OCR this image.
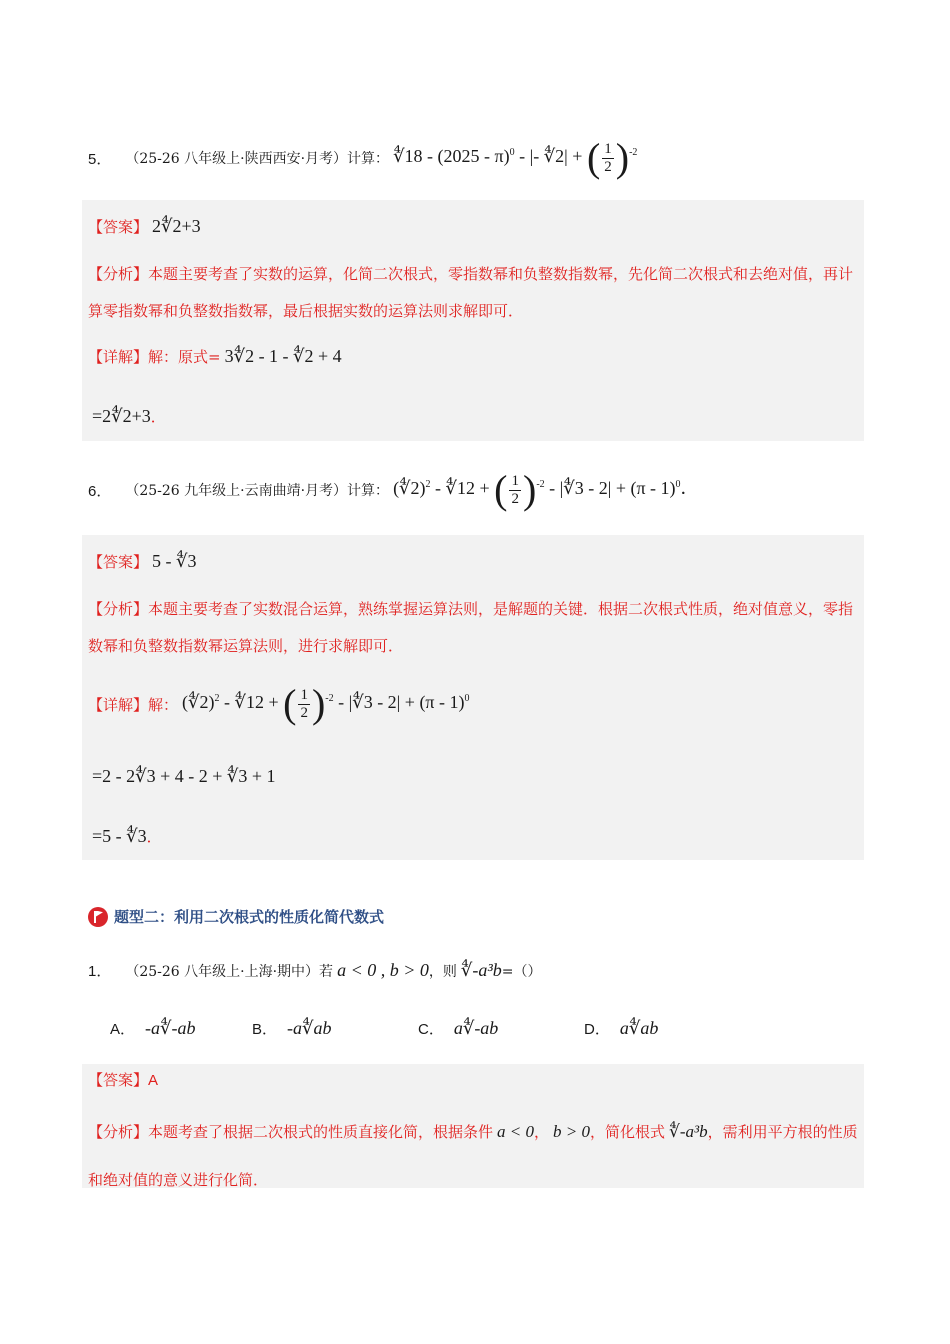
5． （25-26 八年级上·陕西西安·月考）计算： ∜18 - (2025 - π)$^0$ - |- ∜2| + ( $\frac{1}{2} )^{-2}$
【答案】 2∜2+3
【分析】本题主要考查了实数的运算，化简二次根式，零指数幂和负整数指数幂，先化简二次根式和去绝对值，再计算零指数幂和负整数指数幂，最后根据实数的运算法则求解即可．
【详解】解：原式= 3∜2 - 1 - ∜2 + 4
=2∜2+3．
6． （25-26 九年级上·云南曲靖·月考）计算： (∜2)$^2$ - ∜12 + ( $\frac{1}{2} )^{-2}$ - |∜3 - 2| + (π - 1)$^0$．
【答案】 5 - ∜3
【分析】本题主要考查了实数混合运算，熟练掌握运算法则，是解题的关键．根据二次根式性质，绝对值意义，零指数幂和负整数指数幂运算法则，进行求解即可．
【详解】 解： (∜2)$^2$ - ∜12 + ( $\frac{1}{2} )^{-2}$ - |∜3 - 2| + (π - 1)$^0$
=2 - 2∜3 + 4 - 2 + ∜3 + 1
=5 - ∜3．
题型二：利用二次根式的性质化简代数式
1． （25-26 八年级上·上海·期中）若 a < 0 , b > 0 ，则 ∜-a³b =（）
A． -a∜-ab	B． -a∜ab	C． a∜-ab	D． a∜ab
【答案】A
【分析】本题考查了根据二次根式的性质直接化简，根据条件 a < 0， b > 0，简化根式 ∜-a³b，需利用平方根的性质和绝对值的意义进行化简．
